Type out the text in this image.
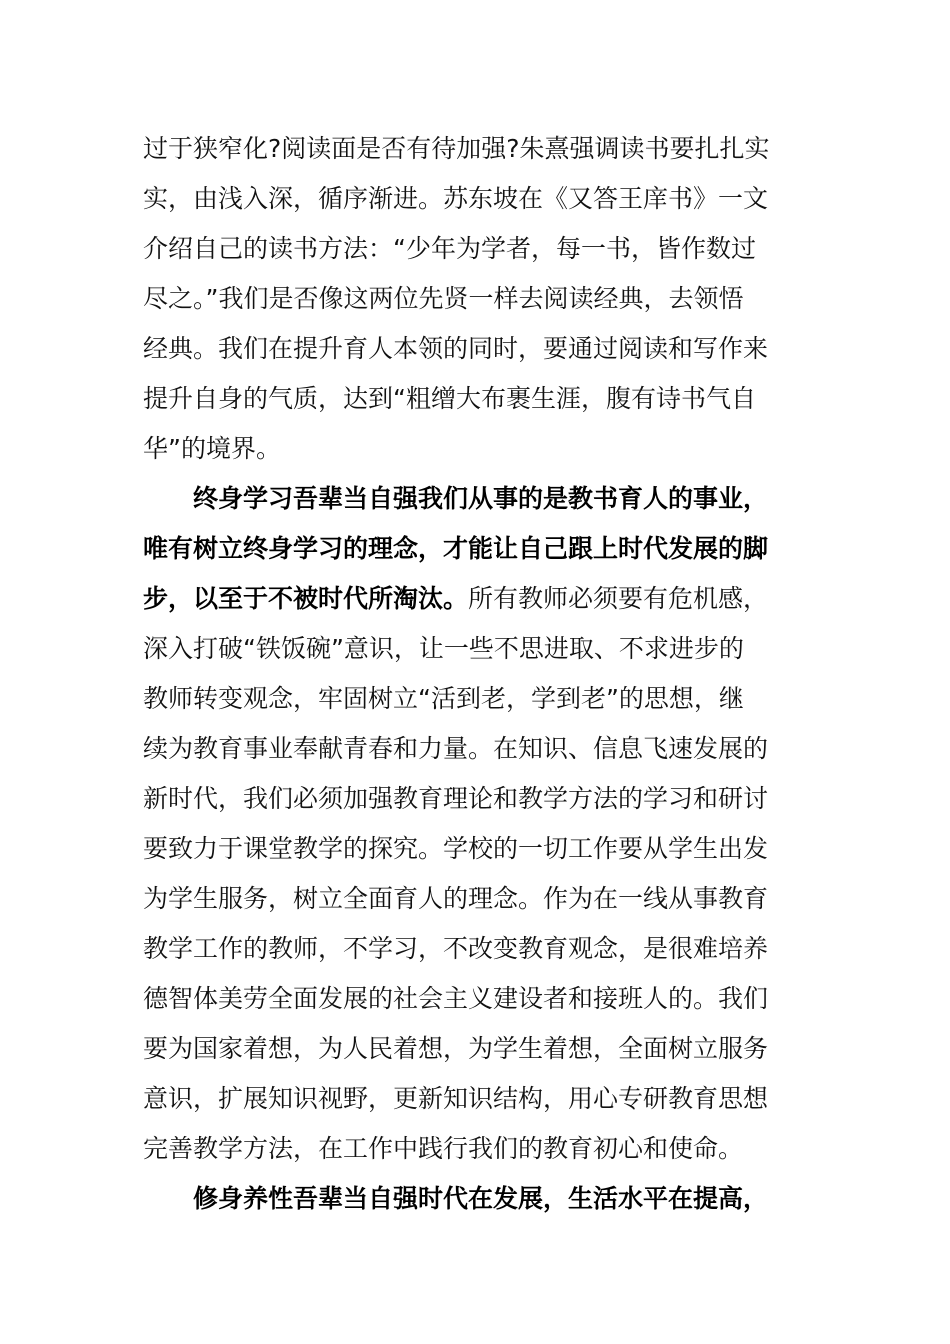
过于狭窄化?阅读面是否有待加强?朱熹强调读书要扎扎实
实，由浅入深，循序渐进。苏东坡在《又答王庠书》一文
介绍自己的读书方法：“少年为学者，每一书，皆作数过
尽之。”我们是否像这两位先贤一样去阅读经典，去领悟
经典。我们在提升育人本领的同时，要通过阅读和写作来
提升自身的气质，达到“粗缯大布裹生涯，腹有诗书气自
华”的境界。
终身学习吾辈当自强我们从事的是教书育人的事业，
唯有树立终身学习的理念，才能让自己跟上时代发展的脚
步，以至于不被时代所淘汰。所有教师必须要有危机感，
深入打破“铁饭碗”意识，让一些不思进取、不求进步的
教师转变观念，牢固树立“活到老，学到老”的思想，继
续为教育事业奉献青春和力量。在知识、信息飞速发展的
新时代，我们必须加强教育理论和教学方法的学习和研讨
要致力于课堂教学的探究。学校的一切工作要从学生出发
为学生服务，树立全面育人的理念。作为在一线从事教育
教学工作的教师，不学习，不改变教育观念，是很难培养
德智体美劳全面发展的社会主义建设者和接班人的。我们
要为国家着想，为人民着想，为学生着想，全面树立服务
意识，扩展知识视野，更新知识结构，用心专研教育思想
完善教学方法，在工作中践行我们的教育初心和使命。
修身养性吾辈当自强时代在发展，生活水平在提高，
